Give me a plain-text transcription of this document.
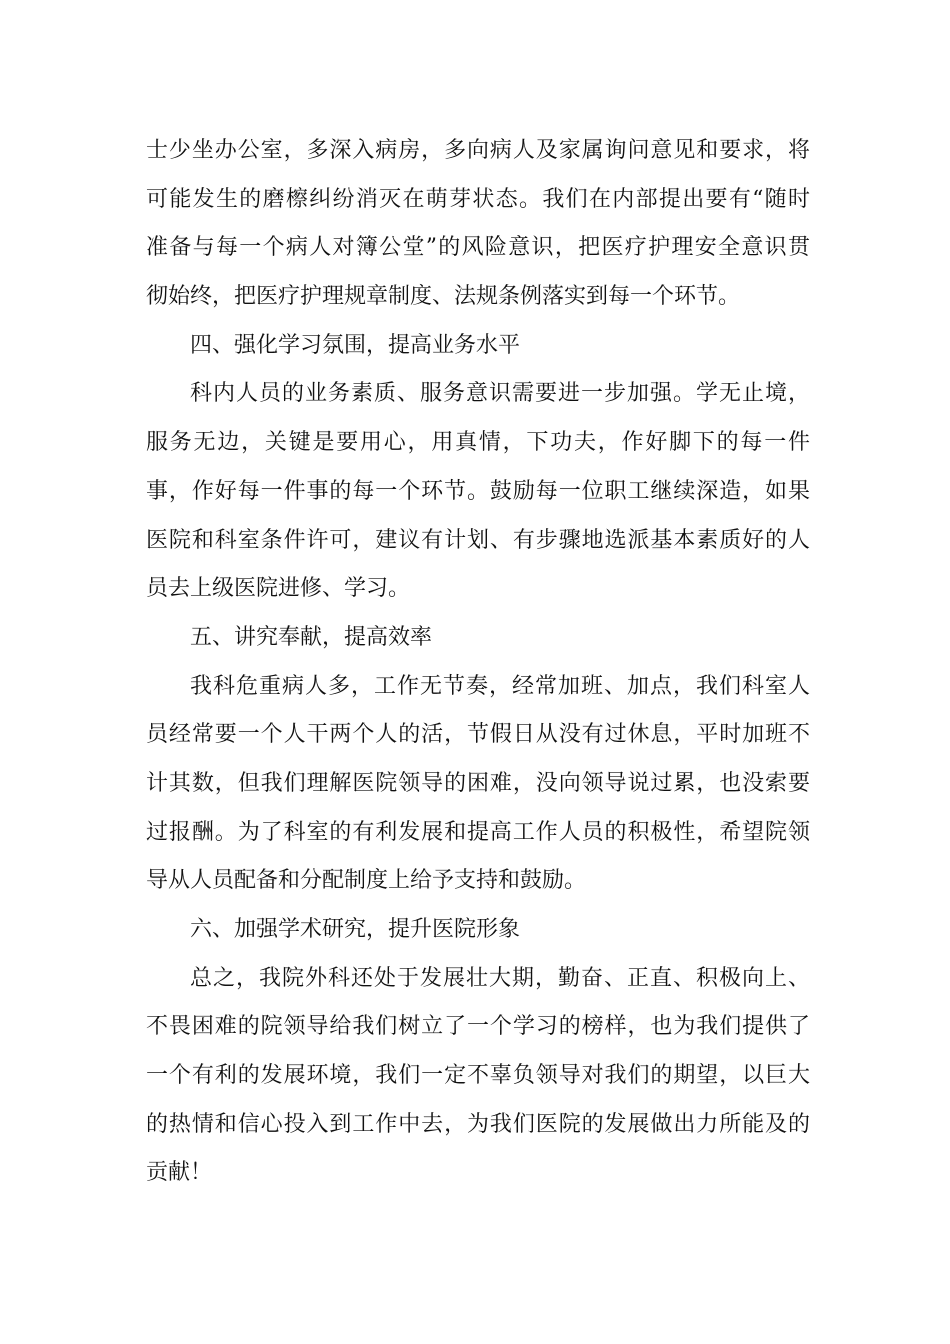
士少坐办公室，多深入病房，多向病人及家属询问意见和要求，将
可能发生的磨檫纠纷消灭在萌芽状态。我们在内部提出要有“随时
准备与每一个病人对簿公堂”的风险意识，把医疗护理安全意识贯
彻始终，把医疗护理规章制度、法规条例落实到每一个环节。
四、强化学习氛围，提高业务水平
科内人员的业务素质、服务意识需要进一步加强。学无止境，
服务无边，关键是要用心，用真情，下功夫，作好脚下的每一件
事，作好每一件事的每一个环节。鼓励每一位职工继续深造，如果
医院和科室条件许可，建议有计划、有步骤地选派基本素质好的人
员去上级医院进修、学习。
五、讲究奉献，提高效率
我科危重病人多，工作无节奏，经常加班、加点，我们科室人
员经常要一个人干两个人的活，节假日从没有过休息，平时加班不
计其数，但我们理解医院领导的困难，没向领导说过累，也没索要
过报酬。为了科室的有利发展和提高工作人员的积极性，希望院领
导从人员配备和分配制度上给予支持和鼓励。
六、加强学术研究，提升医院形象
总之，我院外科还处于发展壮大期，勤奋、正直、积极向上、
不畏困难的院领导给我们树立了一个学习的榜样，也为我们提供了
一个有利的发展环境，我们一定不辜负领导对我们的期望，以巨大
的热情和信心投入到工作中去，为我们医院的发展做出力所能及的
贡献！
